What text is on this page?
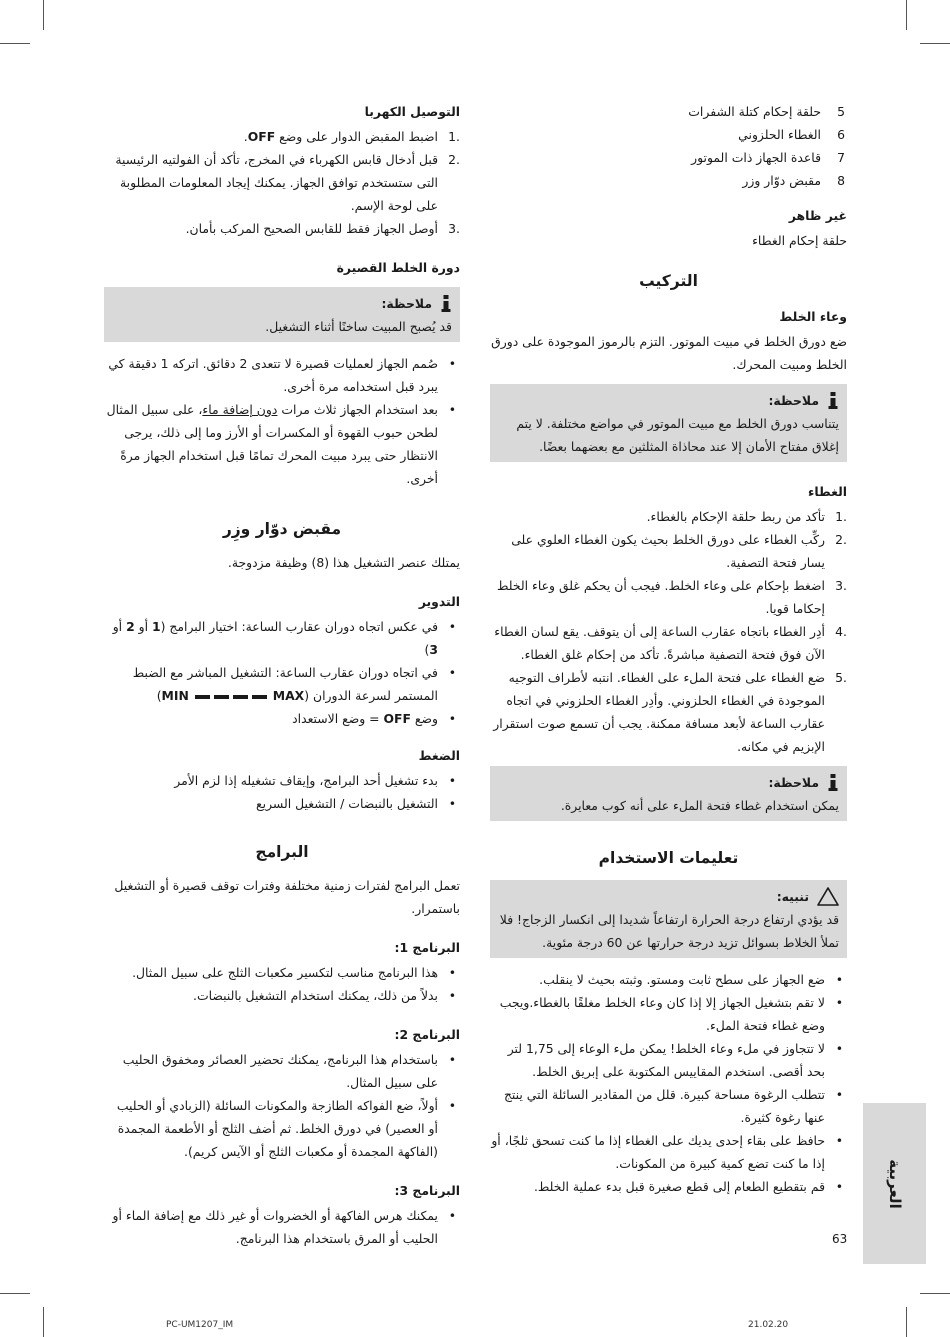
5
حلقة إحكام كتلة الشفرات
6
الغطاء الحلزوني
7
قاعدة الجهاز ذات الموتور
8
مقبض دوّار وزر
غير ظاهر
حلقة إحكام الغطاء
التركيب
وعاء الخلط
ضع دورق الخلط في مبيت الموتور. التزم بالرموز الموجودة على دورق الخلط ومبيت المحرك.
ملاحظة:
يتناسب دورق الخلط مع مبيت الموتور في مواضع مختلفة. لا يتم إغلاق مفتاح الأمان إلا عند محاذاة المثلثين مع بعضهما بعضًا.
الغطاء
1.
تأكد من ربط حلقة الإحكام بالغطاء.
2.
ركِّب الغطاء على دورق الخلط بحيث يكون الغطاء العلوي على يسار فتحة التصفية.
3.
اضغط بإحكام على وعاء الخلط. فيجب أن يحكم غلق وعاء الخلط إحكاما قويا.
4.
أدِر الغطاء باتجاه عقارب الساعة إلى أن يتوقف. يقع لسان الغطاء الآن فوق فتحة التصفية مباشرةً. تأكد من إحكام غلق الغطاء.
5.
ضع الغطاء على فتحة الملء على الغطاء. انتبه لأطراف التوجيه الموجودة في الغطاء الحلزوني. وأدِر الغطاء الحلزوني في اتجاه عقارب الساعة لأبعد مسافة ممكنة. يجب أن تسمع صوت استقرار الإبزيم في مكانه.
ملاحظة:
يمكن استخدام غطاء فتحة الملء على أنه كوب معايرة.
تعليمات الاستخدام
تنبيه:
قد يؤدي ارتفاع درجة الحرارة ارتفاعاً شديدا إلى انكسار الزجاج! فلا تملأ الخلاط بسوائل تزيد درجة حرارتها عن 60 درجة مئوية.
• ضع الجهاز على سطح ثابت ومستو. وثبته بحيث لا ينقلب.
• لا تقم بتشغيل الجهاز إلا إذا كان وعاء الخلط مغلقًا بالغطاء.ويجب وضع غطاء فتحة الملء.
• لا تتجاوز في ملء وعاء الخلط! يمكن ملء الوعاء إلى 1,75 لتر بحد أقصى. استخدم المقاييس المكتوبة على إبريق الخلط.
• تتطلب الرغوة مساحة كبيرة. قلل من المقادير السائلة التي ينتج عنها رغوة كثيرة.
• حافظ على بقاء إحدى يديك على الغطاء إذا ما كنت تسحق ثلجًا، أو إذا ما كنت تضع كمية كبيرة من المكونات.
• قم بتقطيع الطعام إلى قطع صغيرة قبل بدء عملية الخلط.
التوصيل الكهربا
1.
اضبط المقبض الدوار على وضع OFF.
2.
قبل أدخال قابس الكهرباء في المخرج، تأكد أن الفولتيه الرئيسية التى ستستخدم توافق الجهاز. يمكنك إيجاد المعلومات المطلوبة على لوحة الإسم.
3.
أوصل الجهاز فقط للقابس الصحيح المركب بأمان.
دورة الخلط القصيرة
ملاحظة:
قد يُصبح المبيت ساخنًا أثناء التشغيل.
• صُمم الجهاز لعمليات قصيرة لا تتعدى 2 دقائق. اتركه 1 دقيقة كي يبرد قبل استخدامه مرة أخرى.
• بعد استخدام الجهاز ثلاث مرات دون إضافة ماء، على سبيل المثال لطحن حبوب القهوة أو المكسرات أو الأرز وما إلى ذلك، يرجى الانتظار حتى يبرد مبيت المحرك تمامًا قبل استخدام الجهاز مرةً أخرى.
مقبض دوّار وزِر
يمتلك عنصر التشغيل هذا (8) وظيفة مزدوجة.
التدوير
• في عكس اتجاه دوران عقارب الساعة: اختيار البرامج (1 أو 2 أو 3)
• في اتجاه دوران عقارب الساعة: التشغيل المباشر مع الضبط المستمر لسرعة الدوران (MIN	MAX)
• وضع OFF = وضع الاستعداد
الضغط
• بدء تشغيل أحد البرامج، وإيقاف تشغيله إذا لزم الأمر
• التشغيل بالنبضات / التشغيل السريع
البرامج
تعمل البرامج لفترات زمنية مختلفة وفترات توقف قصيرة أو التشغيل باستمرار.
البرنامج 1:
• هذا البرنامج مناسب لتكسير مكعبات الثلج على سبيل المثال.
• بدلاً من ذلك، يمكنك استخدام التشغيل بالنبضات.
البرنامج 2:
• باستخدام هذا البرنامج، يمكنك تحضير العصائر ومخفوق الحليب على سبيل المثال.
• أولاً، ضع الفواكه الطازجة والمكونات السائلة (الزبادي أو الحليب أو العصير) في دورق الخلط. ثم أضف الثلج أو الأطعمة المجمدة (الفاكهة المجمدة أو مكعبات الثلج أو الآيس كريم).
البرنامج 3:
• يمكنك هرس الفاكهة أو الخضروات أو غير ذلك مع إضافة الماء أو الحليب أو المرق باستخدام هذا البرنامج.
العربية
63
PC-UM1207_IM	21.02.20
